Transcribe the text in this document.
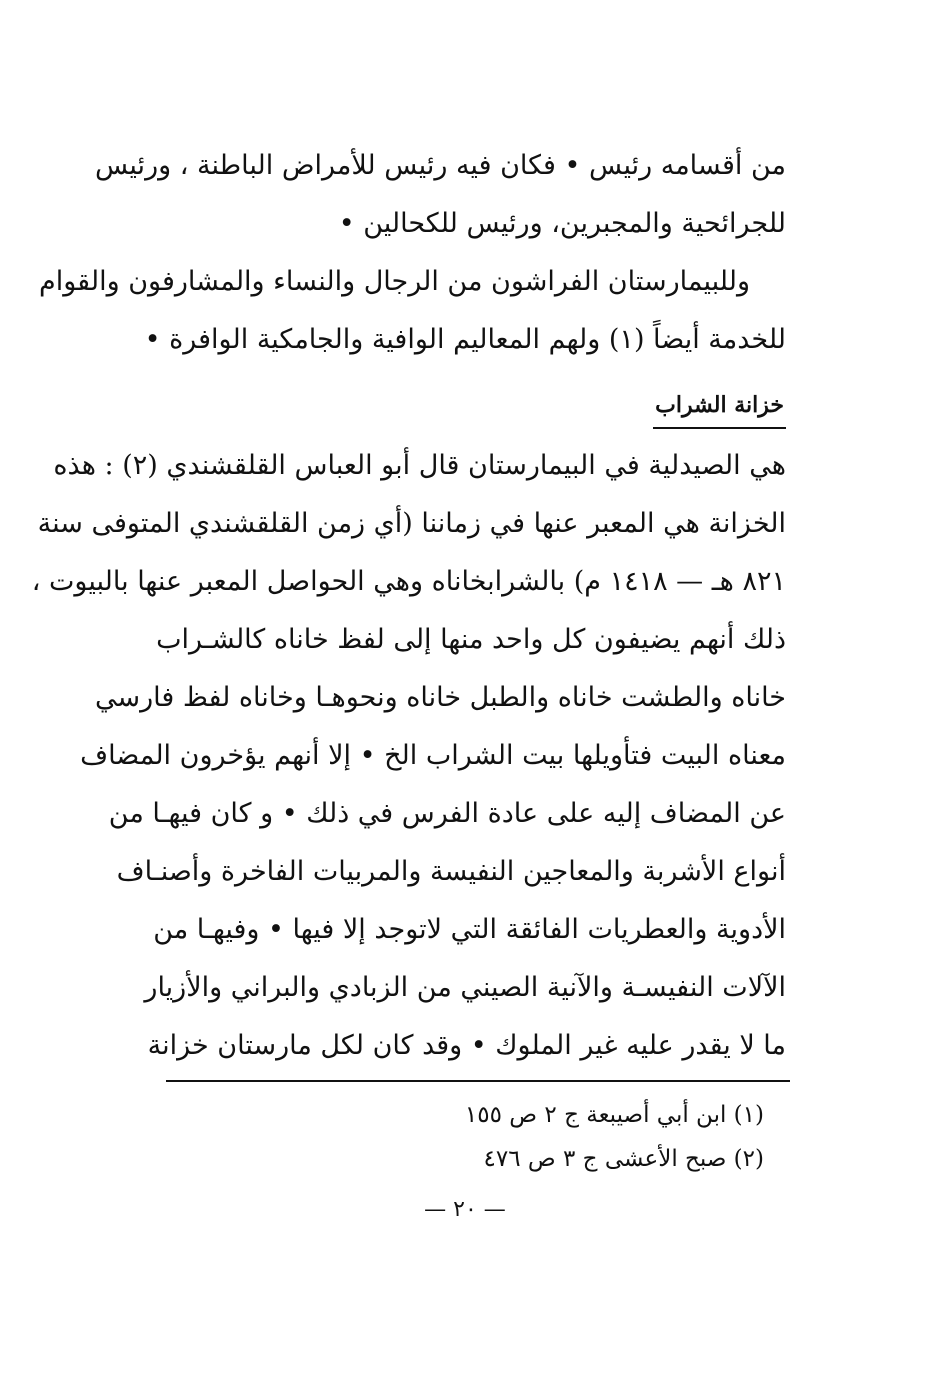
من أقسامه رئيس • فكان فيه رئيس للأمراض الباطنة ، ورئيس
للجرائحية والمجبرين، ورئيس للكحالين •
وللبيمارستان الفراشون من الرجال والنساء والمشارفون والقوام
للخدمة أيضاً (١) ولهم المعاليم الوافية والجامكية الوافرة •
خزانة الشراب
هي الصيدلية في البيمارستان قال أبو العباس القلقشندي (٢) : هذه
الخزانة هي المعبر عنها في زماننا (أي زمن القلقشندي المتوفى سنة
٨٢١ هـ — ١٤١٨ م) بالشرابخاناه وهي الحواصل المعبر عنها بالبيوت ،
ذلك أنهم يضيفون كل واحد منها إلى لفظ خاناه كالشـراب
خاناه والطشت خاناه والطبل خاناه ونحوهـا وخاناه لفظ فارسي
معناه البيت فتأويلها بيت الشراب الخ • إلا أنهم يؤخرون المضاف
عن المضاف إليه على عادة الفرس في ذلك • و كان فيهـا من
أنواع الأشربة والمعاجين النفيسة والمربيات الفاخرة وأصنـاف
الأدوية والعطريات الفائقة التي لاتوجد إلا فيها • وفيهـا من
الآلات النفيسـة والآنية الصيني من الزبادي والبراني والأزيار
ما لا يقدر عليه غير الملوك • وقد كان لكل مارستان خزانة
(١) ابن أبي أصيبعة ج ٢ ص ١٥٥
(٢) صبح الأعشى ج ٣ ص ٤٧٦
— ٢٠ —
